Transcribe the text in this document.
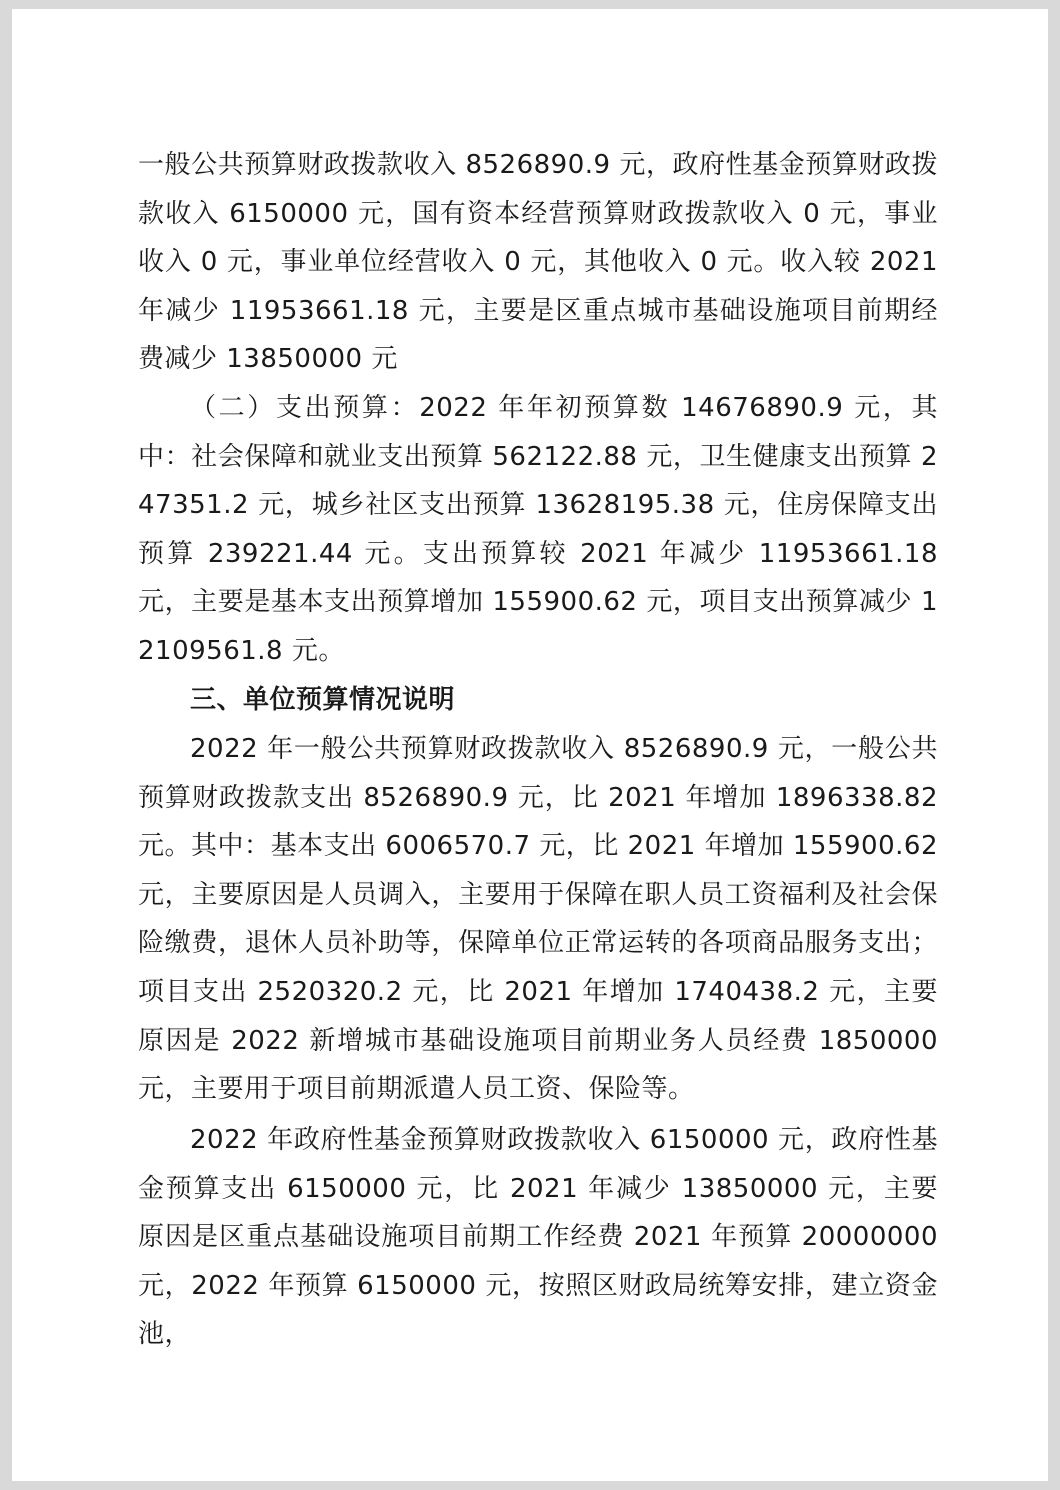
一般公共预算财政拨款收入 8526890.9 元，政府性基金预算财政拨款收入 6150000 元，国有资本经营预算财政拨款收入 0 元，事业收入 0 元，事业单位经营收入 0 元，其他收入 0 元。收入较 2021 年减少 11953661.18 元，主要是区重点城市基础设施项目前期经费减少 13850000 元

（二）支出预算：2022 年年初预算数 14676890.9 元，其中：社会保障和就业支出预算 562122.88 元，卫生健康支出预算 247351.2 元，城乡社区支出预算 13628195.38 元，住房保障支出预算 239221.44 元。支出预算较 2021 年减少 11953661.18 元，主要是基本支出预算增加 155900.62 元，项目支出预算减少 12109561.8 元。

三、单位预算情况说明

2022 年一般公共预算财政拨款收入 8526890.9 元，一般公共预算财政拨款支出 8526890.9 元，比 2021 年增加 1896338.82 元。其中：基本支出 6006570.7 元，比 2021 年增加 155900.62 元，主要原因是人员调入，主要用于保障在职人员工资福利及社会保险缴费，退休人员补助等，保障单位正常运转的各项商品服务支出；项目支出 2520320.2 元，比 2021 年增加 1740438.2 元，主要原因是 2022 新增城市基础设施项目前期业务人员经费 1850000 元，主要用于项目前期派遣人员工资、保险等。

2022 年政府性基金预算财政拨款收入 6150000 元，政府性基金预算支出 6150000 元，比 2021 年减少 13850000 元，主要原因是区重点基础设施项目前期工作经费 2021 年预算 20000000 元，2022 年预算 6150000 元，按照区财政局统筹安排，建立资金池，
